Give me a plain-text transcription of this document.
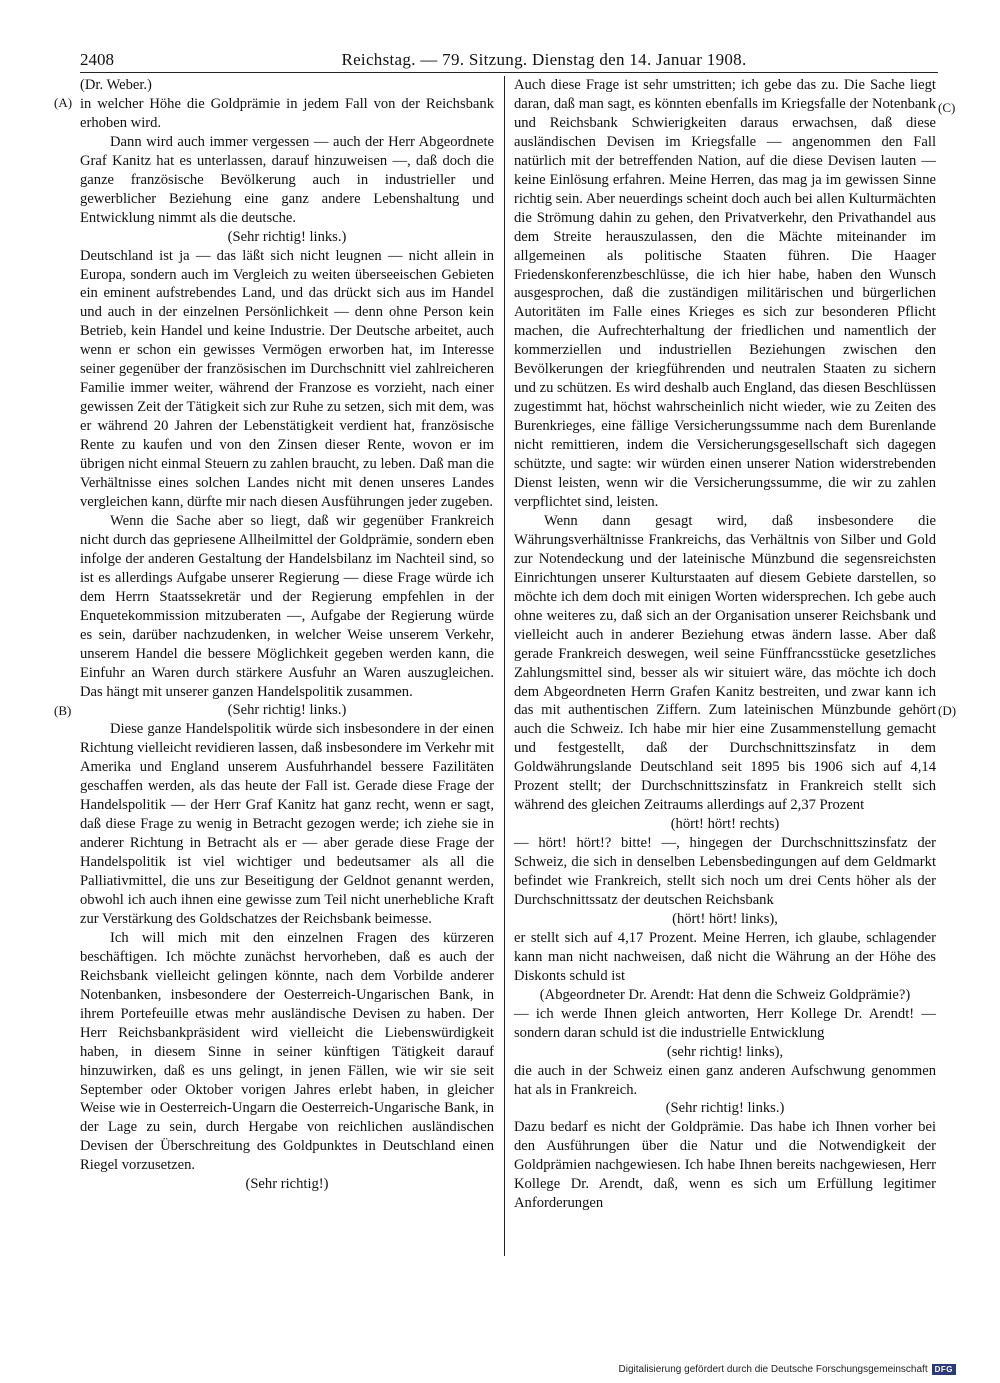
2408	Reichstag. — 79. Sitzung. Dienstag den 14. Januar 1908.
(A)
(B)
(C)
(D)

(Dr. Weber.)

in welcher Höhe die Goldprämie in jedem Fall von der Reichsbank erhoben wird.

Dann wird auch immer vergessen — auch der Herr Abgeordnete Graf Kanitz hat es unterlassen, darauf hinzuweisen —, daß doch die ganze französische Bevölkerung auch in industrieller und gewerblicher Beziehung eine ganz andere Lebenshaltung und Entwicklung nimmt als die deutsche.

(Sehr richtig! links.)

Deutschland ist ja — das läßt sich nicht leugnen — nicht allein in Europa, sondern auch im Vergleich zu weiten überseeischen Gebieten ein eminent aufstrebendes Land, und das drückt sich aus im Handel und auch in der einzelnen Persönlichkeit — denn ohne Person kein Betrieb, kein Handel und keine Industrie. Der Deutsche arbeitet, auch wenn er schon ein gewisses Vermögen erworben hat, im Interesse seiner gegenüber der französischen im Durchschnitt viel zahlreicheren Familie immer weiter, während der Franzose es vorzieht, nach einer gewissen Zeit der Tätigkeit sich zur Ruhe zu setzen, sich mit dem, was er während 20 Jahren der Lebenstätigkeit verdient hat, französische Rente zu kaufen und von den Zinsen dieser Rente, wovon er im übrigen nicht einmal Steuern zu zahlen braucht, zu leben. Daß man die Verhältnisse eines solchen Landes nicht mit denen unseres Landes vergleichen kann, dürfte mir nach diesen Ausführungen jeder zugeben.

Wenn die Sache aber so liegt, daß wir gegenüber Frankreich nicht durch das gepriesene Allheilmittel der Goldprämie, sondern eben infolge der anderen Gestaltung der Handelsbilanz im Nachteil sind, so ist es allerdings Aufgabe unserer Regierung — diese Frage würde ich dem Herrn Staatssekretär und der Regierung empfehlen in der Enquetekommission mitzuberaten —, Aufgabe der Regierung würde es sein, darüber nachzudenken, in welcher Weise unserem Verkehr, unserem Handel die bessere Möglichkeit gegeben werden kann, die Einfuhr an Waren durch stärkere Ausfuhr an Waren auszugleichen. Das hängt mit unserer ganzen Handelspolitik zusammen.

(Sehr richtig! links.)

Diese ganze Handelspolitik würde sich insbesondere in der einen Richtung vielleicht revidieren lassen, daß insbesondere im Verkehr mit Amerika und England unserem Ausfuhrhandel bessere Fazilitäten geschaffen werden, als das heute der Fall ist. Gerade diese Frage der Handelspolitik — der Herr Graf Kanitz hat ganz recht, wenn er sagt, daß diese Frage zu wenig in Betracht gezogen werde; ich ziehe sie in anderer Richtung in Betracht als er — aber gerade diese Frage der Handelspolitik ist viel wichtiger und bedeutsamer als all die Palliativmittel, die uns zur Beseitigung der Geldnot genannt werden, obwohl ich auch ihnen eine gewisse zum Teil nicht unerhebliche Kraft zur Verstärkung des Goldschatzes der Reichsbank beimesse.

Ich will mich mit den einzelnen Fragen des kürzeren beschäftigen. Ich möchte zunächst hervorheben, daß es auch der Reichsbank vielleicht gelingen könnte, nach dem Vorbilde anderer Notenbanken, insbesondere der Oesterreich-Ungarischen Bank, in ihrem Portefeuille etwas mehr ausländische Devisen zu haben. Der Herr Reichsbankpräsident wird vielleicht die Liebenswürdigkeit haben, in diesem Sinne in seiner künftigen Tätigkeit darauf hinzuwirken, daß es uns gelingt, in jenen Fällen, wie wir sie seit September oder Oktober vorigen Jahres erlebt haben, in gleicher Weise wie in Oesterreich-Ungarn die Oesterreich-Ungarische Bank, in der Lage zu sein, durch Hergabe von reichlichen ausländischen Devisen der Überschreitung des Goldpunktes in Deutschland einen Riegel vorzusetzen.

(Sehr richtig!)

Auch diese Frage ist sehr umstritten; ich gebe das zu. Die Sache liegt daran, daß man sagt, es könnten ebenfalls im Kriegsfalle der Notenbank und Reichsbank Schwierigkeiten daraus erwachsen, daß diese ausländischen Devisen im Kriegsfalle — angenommen den Fall natürlich mit der betreffenden Nation, auf die diese Devisen lauten — keine Einlösung erfahren. Meine Herren, das mag ja im gewissen Sinne richtig sein. Aber neuerdings scheint doch auch bei allen Kulturmächten die Strömung dahin zu gehen, den Privatverkehr, den Privathandel aus dem Streite herauszulassen, den die Mächte miteinander im allgemeinen als politische Staaten führen. Die Haager Friedenskonferenzbeschlüsse, die ich hier habe, haben den Wunsch ausgesprochen, daß die zuständigen militärischen und bürgerlichen Autoritäten im Falle eines Krieges es sich zur besonderen Pflicht machen, die Aufrechterhaltung der friedlichen und namentlich der kommerziellen und industriellen Beziehungen zwischen den Bevölkerungen der kriegführenden und neutralen Staaten zu sichern und zu schützen. Es wird deshalb auch England, das diesen Beschlüssen zugestimmt hat, höchst wahrscheinlich nicht wieder, wie zu Zeiten des Burenkrieges, eine fällige Versicherungssumme nach dem Burenlande nicht remittieren, indem die Versicherungsgesellschaft sich dagegen schützte, und sagte: wir würden einen unserer Nation widerstrebenden Dienst leisten, wenn wir die Versicherungssumme, die wir zu zahlen verpflichtet sind, leisten.

Wenn dann gesagt wird, daß insbesondere die Währungsverhältnisse Frankreichs, das Verhältnis von Silber und Gold zur Notendeckung und der lateinische Münzbund die segensreichsten Einrichtungen unserer Kulturstaaten auf diesem Gebiete darstellen, so möchte ich dem doch mit einigen Worten widersprechen. Ich gebe auch ohne weiteres zu, daß sich an der Organisation unserer Reichsbank und vielleicht auch in anderer Beziehung etwas ändern lasse. Aber daß gerade Frankreich deswegen, weil seine Fünffrancsstücke gesetzliches Zahlungsmittel sind, besser als wir situiert wäre, das möchte ich doch dem Abgeordneten Herrn Grafen Kanitz bestreiten, und zwar kann ich das mit authentischen Ziffern. Zum lateinischen Münzbunde gehört auch die Schweiz. Ich habe mir hier eine Zusammenstellung gemacht und festgestellt, daß der Durchschnittszinsfatz in dem Goldwährungslande Deutschland seit 1895 bis 1906 sich auf 4,14 Prozent stellt; der Durchschnittszinsfatz in Frankreich stellt sich während des gleichen Zeitraums allerdings auf 2,37 Prozent

(hört! hört! rechts)

— hört! hört!? bitte! —, hingegen der Durchschnittszinsfatz der Schweiz, die sich in denselben Lebensbedingungen auf dem Geldmarkt befindet wie Frankreich, stellt sich noch um drei Cents höher als der Durchschnittssatz der deutschen Reichsbank

(hört! hört! links),

er stellt sich auf 4,17 Prozent. Meine Herren, ich glaube, schlagender kann man nicht nachweisen, daß nicht die Währung an der Höhe des Diskonts schuld ist

(Abgeordneter Dr. Arendt: Hat denn die Schweiz Goldprämie?)

— ich werde Ihnen gleich antworten, Herr Kollege Dr. Arendt! — sondern daran schuld ist die industrielle Entwicklung

(sehr richtig! links),

die auch in der Schweiz einen ganz anderen Aufschwung genommen hat als in Frankreich.

(Sehr richtig! links.)

Dazu bedarf es nicht der Goldprämie. Das habe ich Ihnen vorher bei den Ausführungen über die Natur und die Notwendigkeit der Goldprämien nachgewiesen. Ich habe Ihnen bereits nachgewiesen, Herr Kollege Dr. Arendt, daß, wenn es sich um Erfüllung legitimer Anforderungen

Digitalisierung gefördert durch die Deutsche Forschungsgemeinschaft DFG
